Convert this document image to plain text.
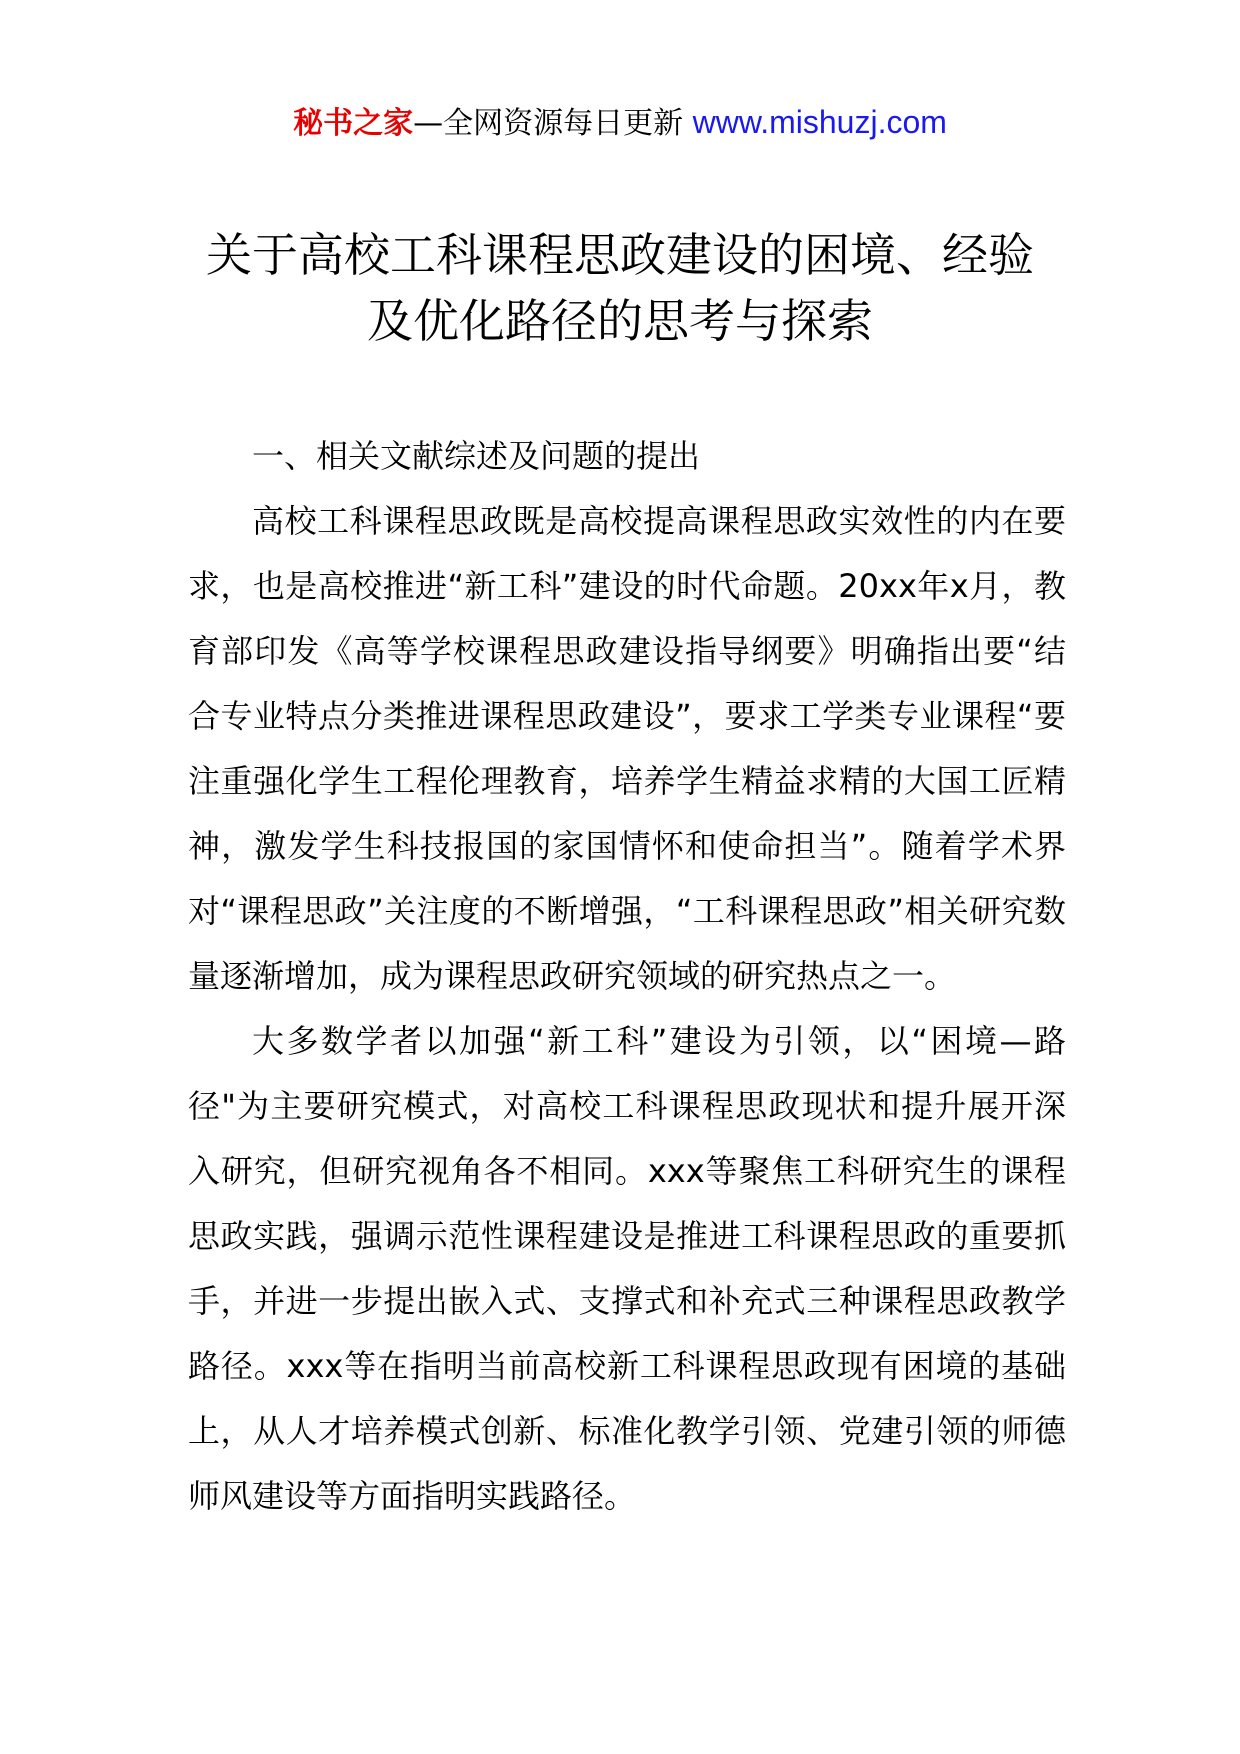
秘书之家—全网资源每日更新 www.mishuzj.com
关于高校工科课程思政建设的困境、经验
及优化路径的思考与探索
一、相关文献综述及问题的提出

高校工科课程思政既是高校提高课程思政实效性的内在要求，也是高校推进“新工科”建设的时代命题。20xx年x月，教育部印发《高等学校课程思政建设指导纲要》明确指出要“结合专业特点分类推进课程思政建设”，要求工学类专业课程“要注重强化学生工程伦理教育，培养学生精益求精的大国工匠精神，激发学生科技报国的家国情怀和使命担当”。随着学术界对“课程思政”关注度的不断增强，“工科课程思政”相关研究数量逐渐增加，成为课程思政研究领域的研究热点之一。

大多数学者以加强“新工科”建设为引领，以“困境—路径"为主要研究模式，对高校工科课程思政现状和提升展开深入研究，但研究视角各不相同。xxx等聚焦工科研究生的课程思政实践，强调示范性课程建设是推进工科课程思政的重要抓手，并进一步提出嵌入式、支撑式和补充式三种课程思政教学路径。xxx等在指明当前高校新工科课程思政现有困境的基础上，从人才培养模式创新、标准化教学引领、党建引领的师德师风建设等方面指明实践路径。
